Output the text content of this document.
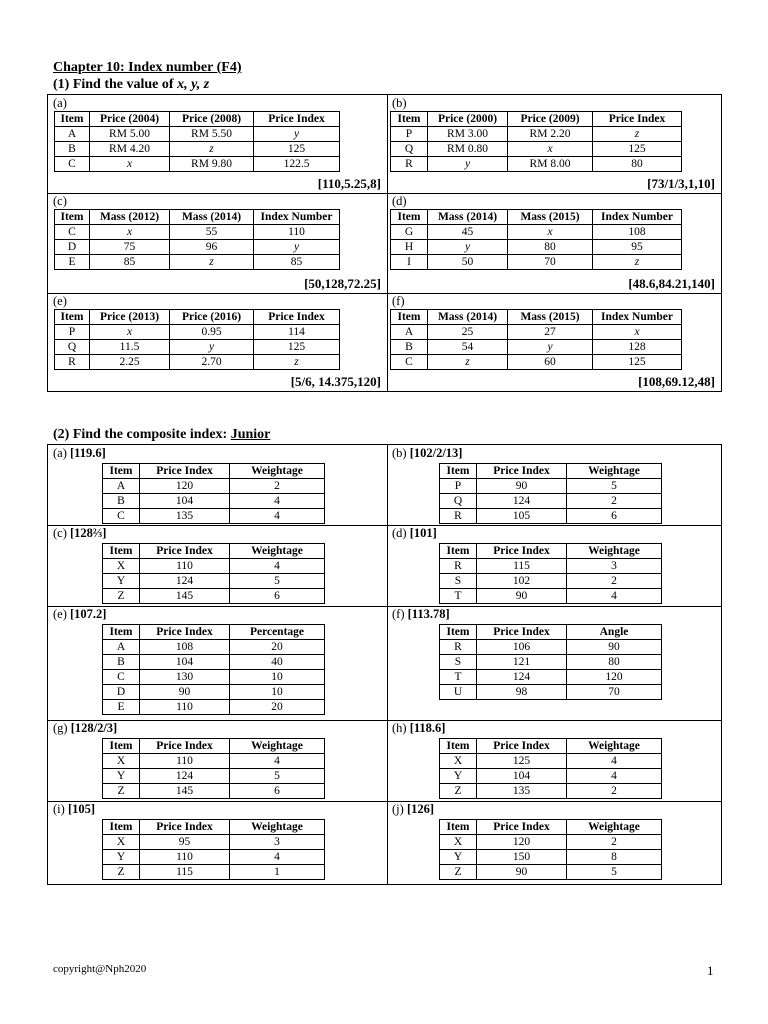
Chapter 10: Index number (F4)
(1) Find the value of x, y, z
(a)
Item	Price (2004)	Price (2008)	Price Index
A	RM 5.00	RM 5.50	y
B	RM 4.20	z	125
C	x	RM 9.80	122.5
[110,5.25,8]
(b)
Item	Price (2000)	Price (2009)	Price Index
P	RM 3.00	RM 2.20	z
Q	RM 0.80	x	125
R	y	RM 8.00	80
[73/1/3,1,10]
(c)
Item	Mass (2012)	Mass (2014)	Index Number
C	x	55	110
D	75	96	y
E	85	z	85
[50,128,72.25]
(d)
Item	Mass (2014)	Mass (2015)	Index Number
G	45	x	108
H	y	80	95
I	50	70	z
[48.6,84.21,140]
(e)
Item	Price (2013)	Price (2016)	Price Index
P	x	0.95	114
Q	11.5	y	125
R	2.25	2.70	z
[5/6, 14.375,120]
(f)
Item	Mass (2014)	Mass (2015)	Index Number
A	25	27	x
B	54	y	128
C	z	60	125
[108,69.12,48]
(2) Find the composite index: Junior
(a) [119.6]
Item	Price Index	Weightage
A	120	2
B	104	4
C	135	4
(b) [102/2/13]
Item	Price Index	Weightage
P	90	5
Q	124	2
R	105	6
(c) [128⅔]
Item	Price Index	Weightage
X	110	4
Y	124	5
Z	145	6
(d) [101]
Item	Price Index	Weightage
R	115	3
S	102	2
T	90	4
(e) [107.2]
Item	Price Index	Percentage
A	108	20
B	104	40
C	130	10
D	90	10
E	110	20
(f) [113.78]
Item	Price Index	Angle
R	106	90
S	121	80
T	124	120
U	98	70
(g) [128/2/3]
Item	Price Index	Weightage
X	110	4
Y	124	5
Z	145	6
(h) [118.6]
Item	Price Index	Weightage
X	125	4
Y	104	4
Z	135	2
(i) [105]
Item	Price Index	Weightage
X	95	3
Y	110	4
Z	115	1
(j) [126]
Item	Price Index	Weightage
X	120	2
Y	150	8
Z	90	5
copyright@Nph2020	1
